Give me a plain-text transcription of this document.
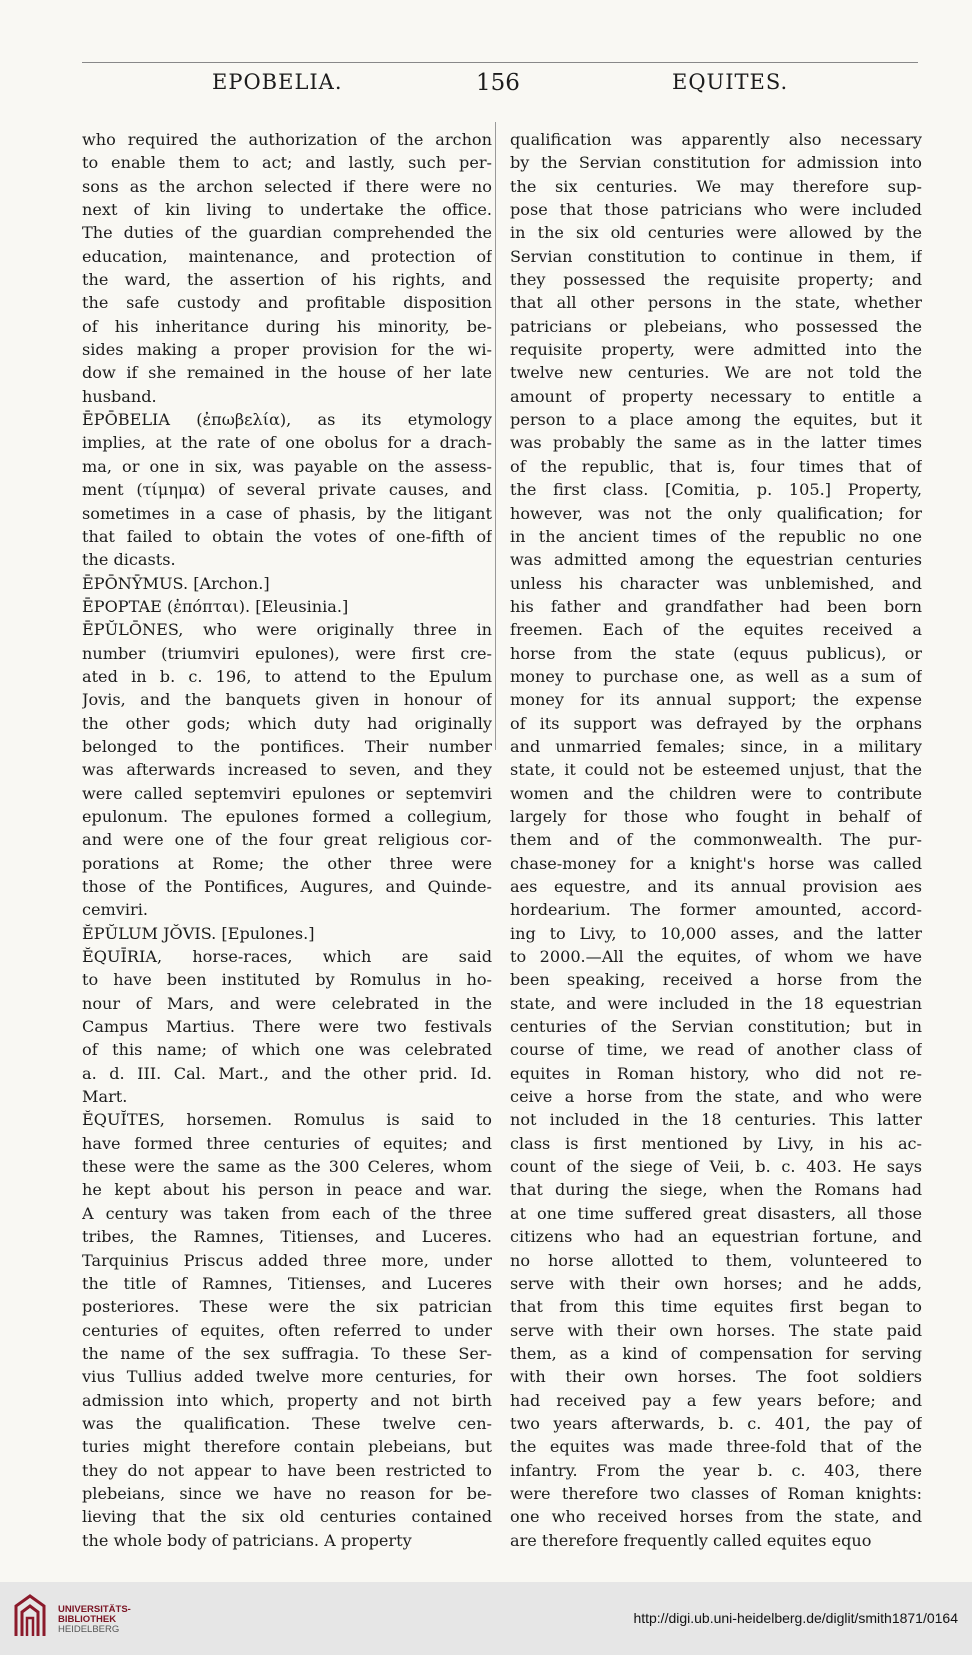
EPOBELIA.	156	EQUITES.
who required the authorization of the archon
to enable them to act; and lastly, such per-
sons as the archon selected if there were no
next of kin living to undertake the office.
The duties of the guardian comprehended the
education, maintenance, and protection of
the ward, the assertion of his rights, and
the safe custody and profitable disposition
of his inheritance during his minority, be-
sides making a proper provision for the wi-
dow if she remained in the house of her late
husband.
ĒPŌBELIA (ἐπωβελία), as its etymology
implies, at the rate of one obolus for a drach-
ma, or one in six, was payable on the assess-
ment (τίμημα) of several private causes, and
sometimes in a case of phasis, by the litigant
that failed to obtain the votes of one-fifth of
the dicasts.
ĒPŌNȲMUS. [Archon.]
ĒPOPTAE (ἐπόπται). [Eleusinia.]
ĒPŬLŌNES, who were originally three in
number (triumviri epulones), were first cre-
ated in b. c. 196, to attend to the Epulum
Jovis, and the banquets given in honour of
the other gods; which duty had originally
belonged to the pontifices. Their number
was afterwards increased to seven, and they
were called septemviri epulones or septemviri
epulonum. The epulones formed a collegium,
and were one of the four great religious cor-
porations at Rome; the other three were
those of the Pontifices, Augures, and Quinde-
cemviri.
ĔPŬLUM JŎVIS. [Epulones.]
ĔQUĪRIA, horse-races, which are said
to have been instituted by Romulus in ho-
nour of Mars, and were celebrated in the
Campus Martius. There were two festivals
of this name; of which one was celebrated
a. d. III. Cal. Mart., and the other prid. Id.
Mart.
ĔQUĬTES, horsemen. Romulus is said to
have formed three centuries of equites; and
these were the same as the 300 Celeres, whom
he kept about his person in peace and war.
A century was taken from each of the three
tribes, the Ramnes, Titienses, and Luceres.
Tarquinius Priscus added three more, under
the title of Ramnes, Titienses, and Luceres
posteriores. These were the six patrician
centuries of equites, often referred to under
the name of the sex suffragia. To these Ser-
vius Tullius added twelve more centuries, for
admission into which, property and not birth
was the qualification. These twelve cen-
turies might therefore contain plebeians, but
they do not appear to have been restricted to
plebeians, since we have no reason for be-
lieving that the six old centuries contained
the whole body of patricians. A property
qualification was apparently also necessary
by the Servian constitution for admission into
the six centuries. We may therefore sup-
pose that those patricians who were included
in the six old centuries were allowed by the
Servian constitution to continue in them, if
they possessed the requisite property; and
that all other persons in the state, whether
patricians or plebeians, who possessed the
requisite property, were admitted into the
twelve new centuries. We are not told the
amount of property necessary to entitle a
person to a place among the equites, but it
was probably the same as in the latter times
of the republic, that is, four times that of
the first class. [Comitia, p. 105.] Property,
however, was not the only qualification; for
in the ancient times of the republic no one
was admitted among the equestrian centuries
unless his character was unblemished, and
his father and grandfather had been born
freemen. Each of the equites received a
horse from the state (equus publicus), or
money to purchase one, as well as a sum of
money for its annual support; the expense
of its support was defrayed by the orphans
and unmarried females; since, in a military
state, it could not be esteemed unjust, that the
women and the children were to contribute
largely for those who fought in behalf of
them and of the commonwealth. The pur-
chase-money for a knight's horse was called
aes equestre, and its annual provision aes
hordearium. The former amounted, accord-
ing to Livy, to 10,000 asses, and the latter
to 2000.—All the equites, of whom we have
been speaking, received a horse from the
state, and were included in the 18 equestrian
centuries of the Servian constitution; but in
course of time, we read of another class of
equites in Roman history, who did not re-
ceive a horse from the state, and who were
not included in the 18 centuries. This latter
class is first mentioned by Livy, in his ac-
count of the siege of Veii, b. c. 403. He says
that during the siege, when the Romans had
at one time suffered great disasters, all those
citizens who had an equestrian fortune, and
no horse allotted to them, volunteered to
serve with their own horses; and he adds,
that from this time equites first began to
serve with their own horses. The state paid
them, as a kind of compensation for serving
with their own horses. The foot soldiers
had received pay a few years before; and
two years afterwards, b. c. 401, the pay of
the equites was made three-fold that of the
infantry. From the year b. c. 403, there
were therefore two classes of Roman knights:
one who received horses from the state, and
are therefore frequently called equites equo
UNIVERSITÄTS-
BIBLIOTHEK
HEIDELBERG
http://digi.ub.uni-heidelberg.de/diglit/smith1871/0164
